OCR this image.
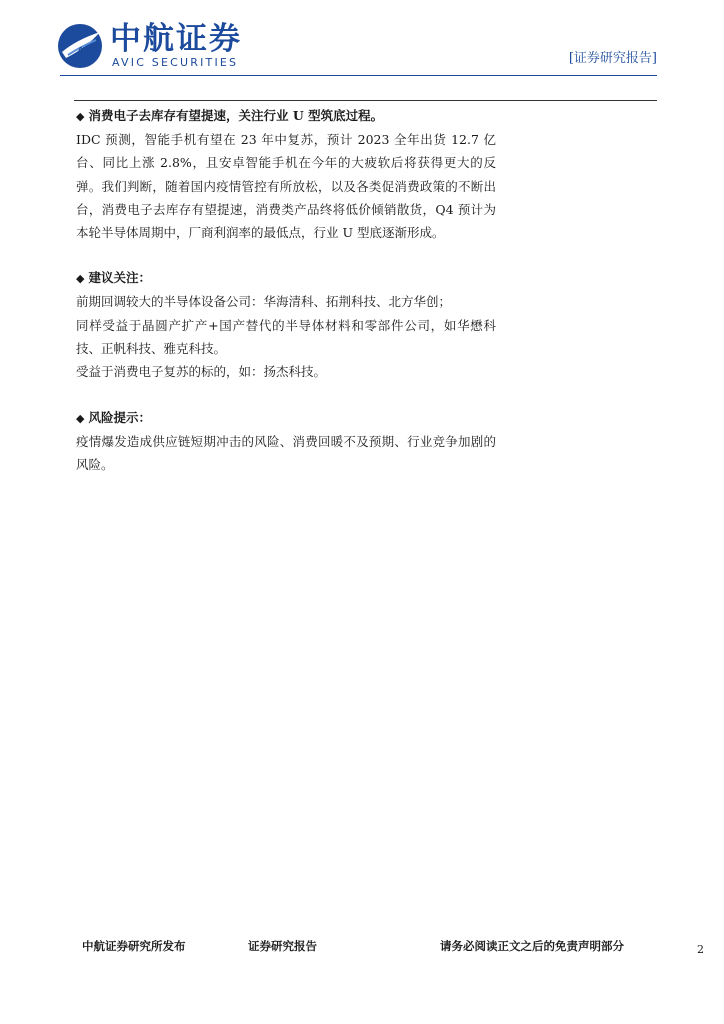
AVIC 中航证券
AVIC SECURITIES	[证券研究报告]

◆ 消费电子去库存有望提速，关注行业 U 型筑底过程。

IDC 预测，智能手机有望在 23 年中复苏，预计 2023 全年出货 12.7 亿台、同比上涨 2.8%，且安卓智能手机在今年的大疲软后将获得更大的反弹。我们判断，随着国内疫情管控有所放松，以及各类促消费政策的不断出台，消费电子去库存有望提速，消费类产品终将低价倾销散货，Q4 预计为本轮半导体周期中，厂商利润率的最低点，行业 U 型底逐渐形成。

◆ 建议关注：

前期回调较大的半导体设备公司：华海清科、拓荆科技、北方华创；

同样受益于晶圆产扩产+国产替代的半导体材料和零部件公司，如华懋科技、正帆科技、雅克科技。

受益于消费电子复苏的标的，如：扬杰科技。

◆ 风险提示：

疫情爆发造成供应链短期冲击的风险、消费回暖不及预期、行业竞争加剧的风险。

中航证券研究所发布	证券研究报告	请务必阅读正文之后的免责声明部分	2
